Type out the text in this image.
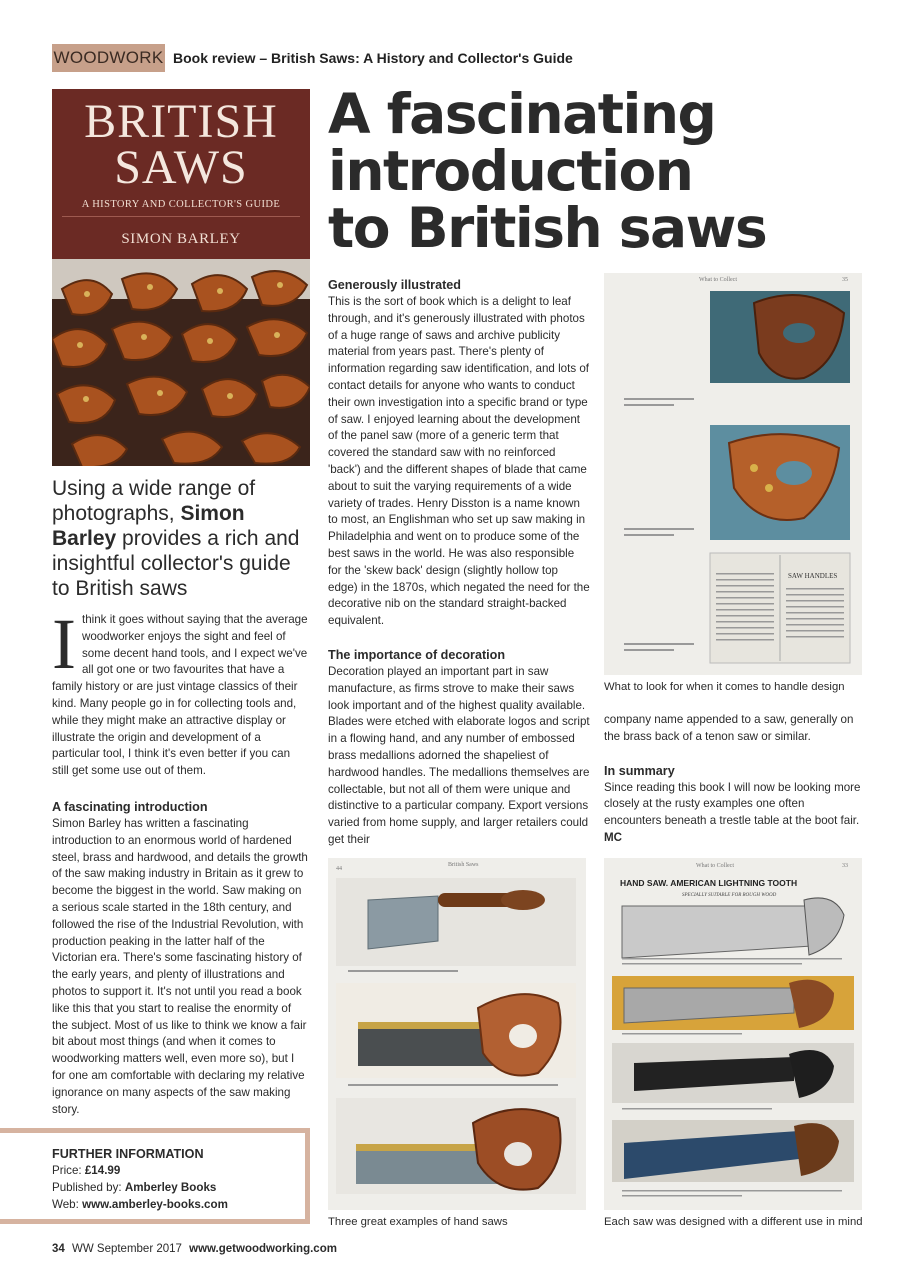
WOODWORK Book review – British Saws: A History and Collector's Guide
BRITISH
SAWS
A HISTORY AND COLLECTOR'S GUIDE
SIMON BARLEY
A fascinating
introduction
to British saws
Using a wide range of photographs, Simon Barley provides a rich and insightful collector's guide to British saws

Ithink it goes without saying that the average woodworker enjoys the sight and feel of some decent hand tools, and I expect we've all got one or two favourites that have a family history or are just vintage classics of their kind. Many people go in for collecting tools and, while they might make an attractive display or illustrate the origin and development of a particular tool, I think it's even better if you can still get some use out of them.

A fascinating introduction

Simon Barley has written a fascinating introduction to an enormous world of hardened steel, brass and hardwood, and details the growth of the saw making industry in Britain as it grew to become the biggest in the world. Saw making on a serious scale started in the 18th century, and followed the rise of the Industrial Revolution, with production peaking in the latter half of the Victorian era. There's some fascinating history of the early years, and plenty of illustrations and photos to support it. It's not until you read a book like this that you start to realise the enormity of the subject. Most of us like to think we know a fair bit about most things (and when it comes to woodworking matters well, even more so), but I for one am comfortable with declaring my relative ignorance on many aspects of the saw making story.

FURTHER INFORMATION
Price: £14.99
Published by: Amberley Books
Web: www.amberley-books.com
Generously illustrated

This is the sort of book which is a delight to leaf through, and it's generously illustrated with photos of a huge range of saws and archive publicity material from years past. There's plenty of information regarding saw identification, and lots of contact details for anyone who wants to conduct their own investigation into a specific brand or type of saw. I enjoyed learning about the development of the panel saw (more of a generic term that covered the standard saw with no reinforced 'back') and the different shapes of blade that came about to suit the varying requirements of a wide variety of trades. Henry Disston is a name known to most, an Englishman who set up saw making in Philadelphia and went on to produce some of the best saws in the world. He was also responsible for the 'skew back' design (slightly hollow top edge) in the 1870s, which negated the need for the decorative nib on the standard straight-backed equivalent.

The importance of decoration

Decoration played an important part in saw manufacture, as firms strove to make their saws look important and of the highest quality available. Blades were etched with elaborate logos and script in a flowing hand, and any number of embossed brass medallions adorned the shapeliest of hardwood handles. The medallions themselves are collectable, but not all of them were unique and distinctive to a particular company. Export versions varied from home supply, and larger retailers could get their

What to Collect	35
SAW HANDLES
What to look for when it comes to handle design

company name appended to a saw, generally on the brass back of a tenon saw or similar.

In summary

Since reading this book I will now be looking more closely at the rusty examples one often encounters beneath a trestle table at the boot fair. MC

44
British Saws
Three great examples of hand saws
What to Collect	33
HAND SAW. AMERICAN LIGHTNING TOOTH
SPECIALLY SUITABLE FOR ROUGH WOOD
Each saw was designed with a different use in mind
34 WW September 2017 www.getwoodworking.com
